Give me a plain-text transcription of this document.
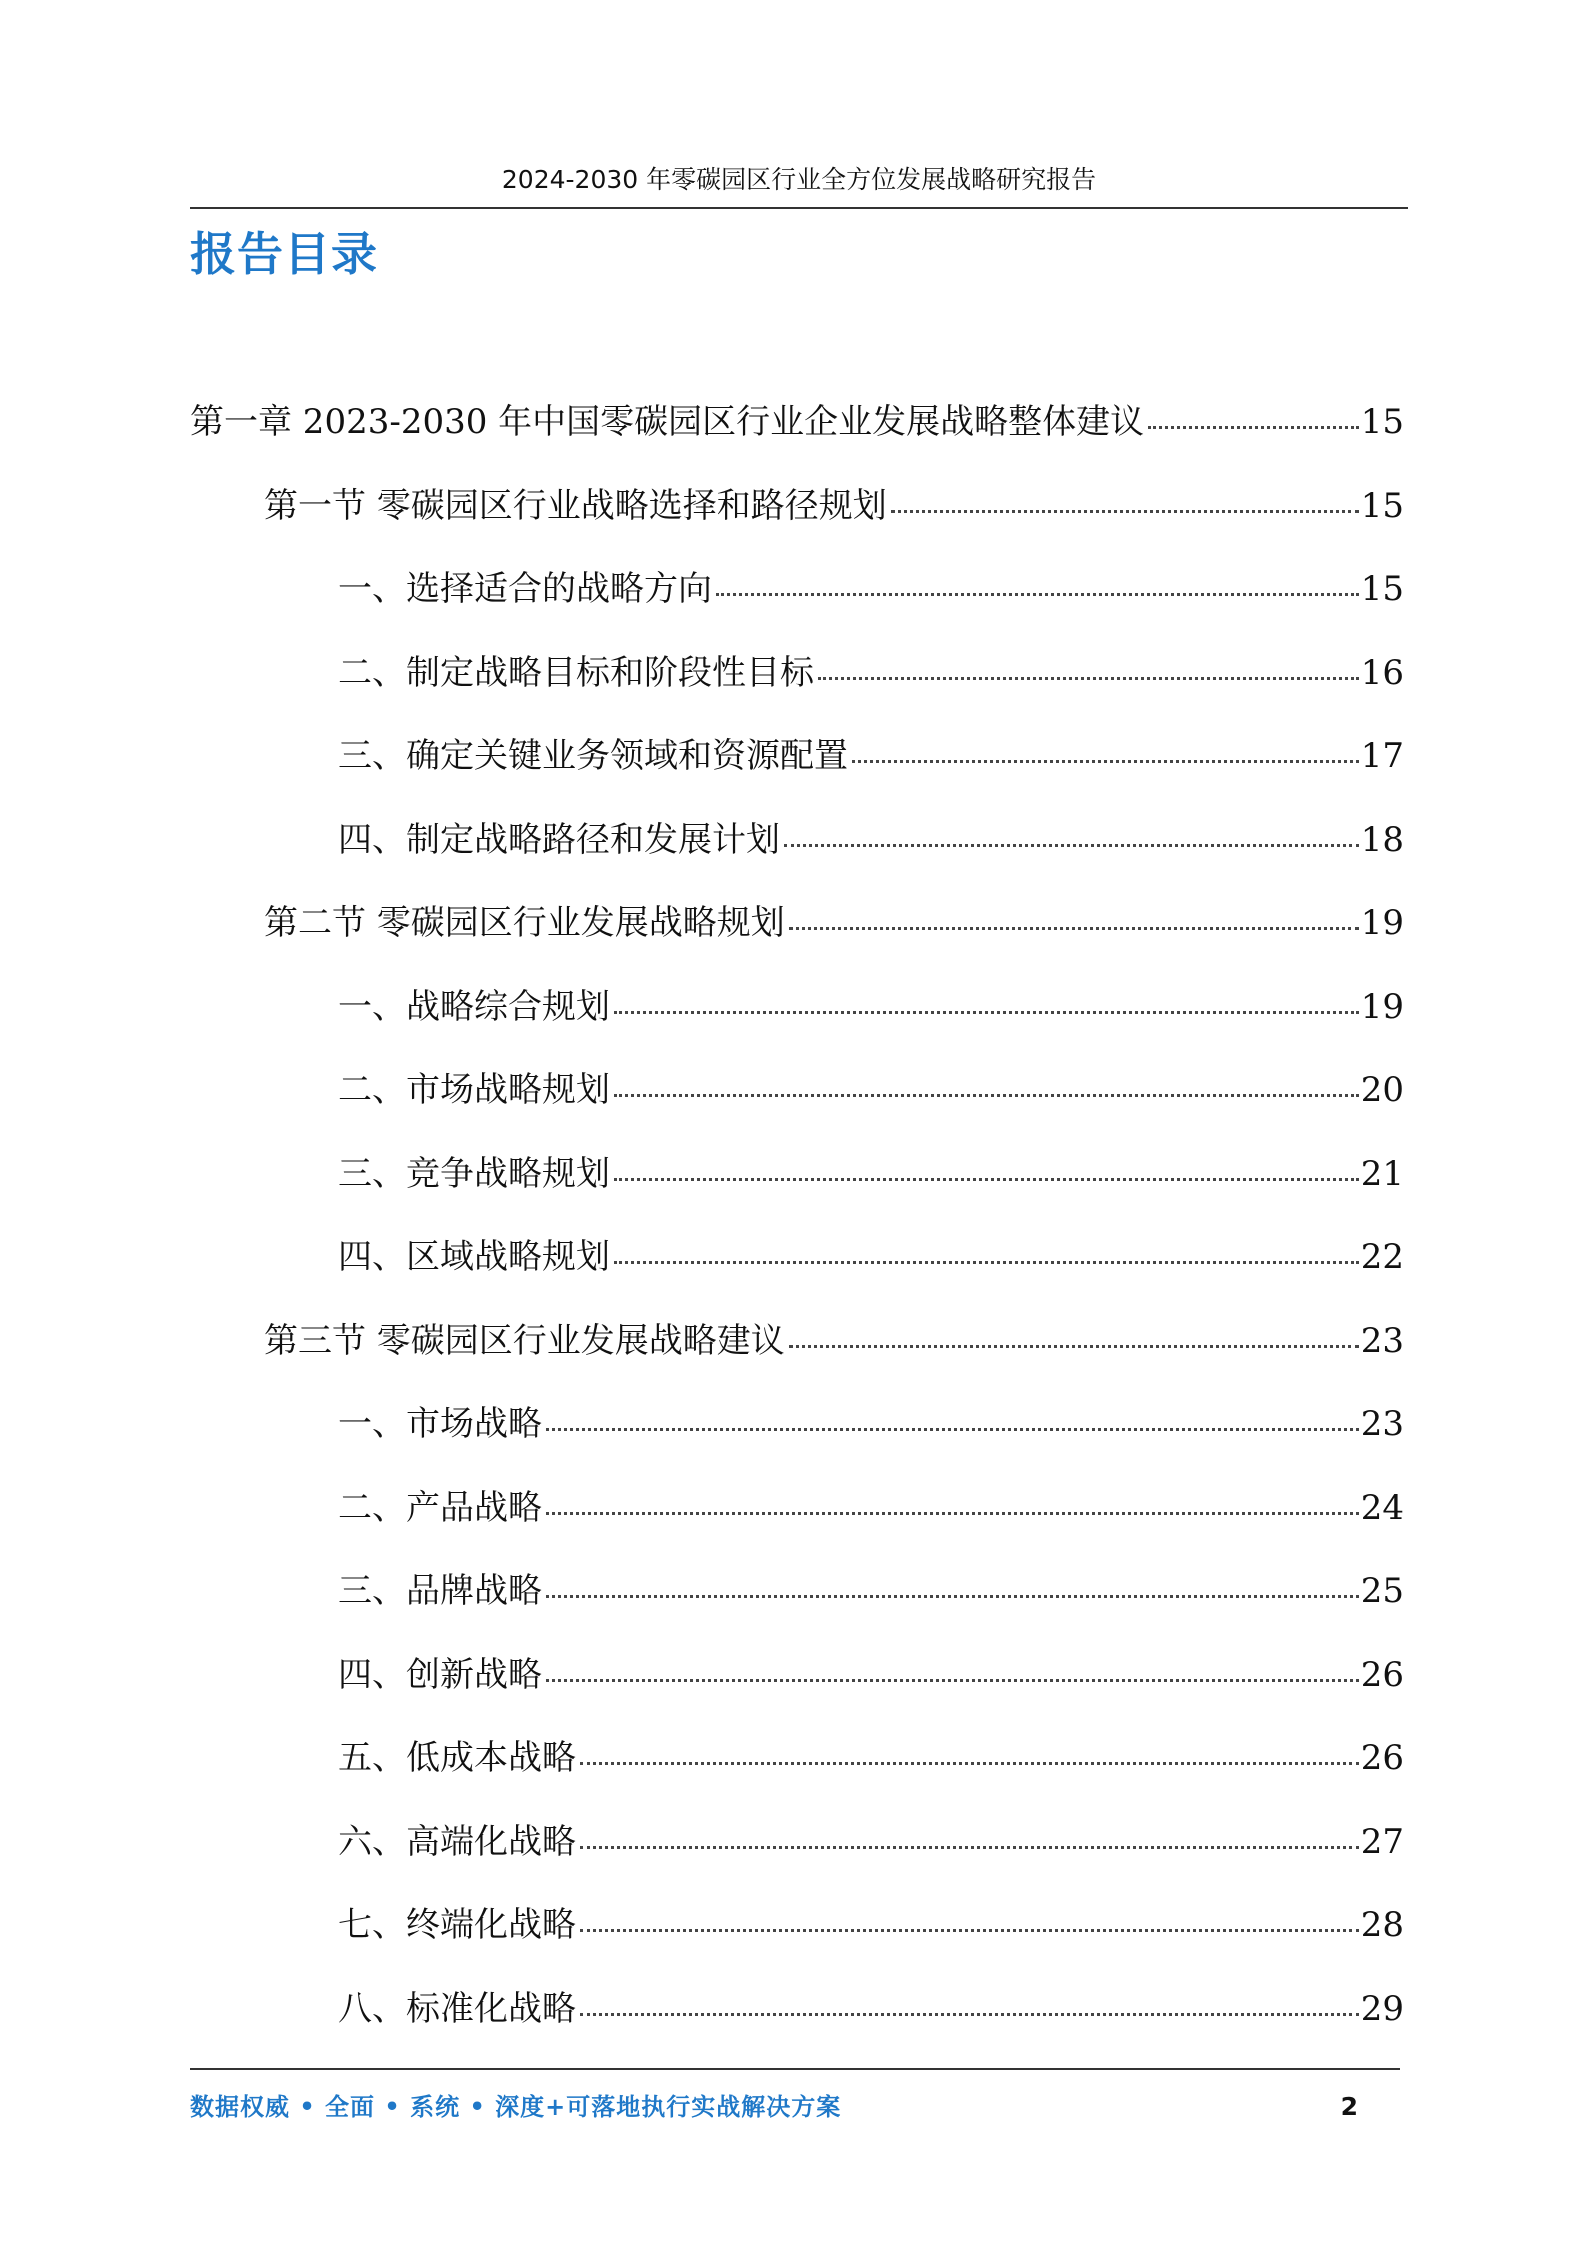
2024-2030 年零碳园区行业全方位发展战略研究报告
报告目录
第一章 2023-2030 年中国零碳园区行业企业发展战略整体建议	15
第一节 零碳园区行业战略选择和路径规划	15
一、选择适合的战略方向	15
二、制定战略目标和阶段性目标	16
三、确定关键业务领域和资源配置	17
四、制定战略路径和发展计划	18
第二节 零碳园区行业发展战略规划	19
一、战略综合规划	19
二、市场战略规划	20
三、竞争战略规划	21
四、区域战略规划	22
第三节 零碳园区行业发展战略建议	23
一、市场战略	23
二、产品战略	24
三、品牌战略	25
四、创新战略	26
五、低成本战略	26
六、高端化战略	27
七、终端化战略	28
八、标准化战略	29
数据权威 • 全面 • 系统 • 深度+可落地执行实战解决方案	2
